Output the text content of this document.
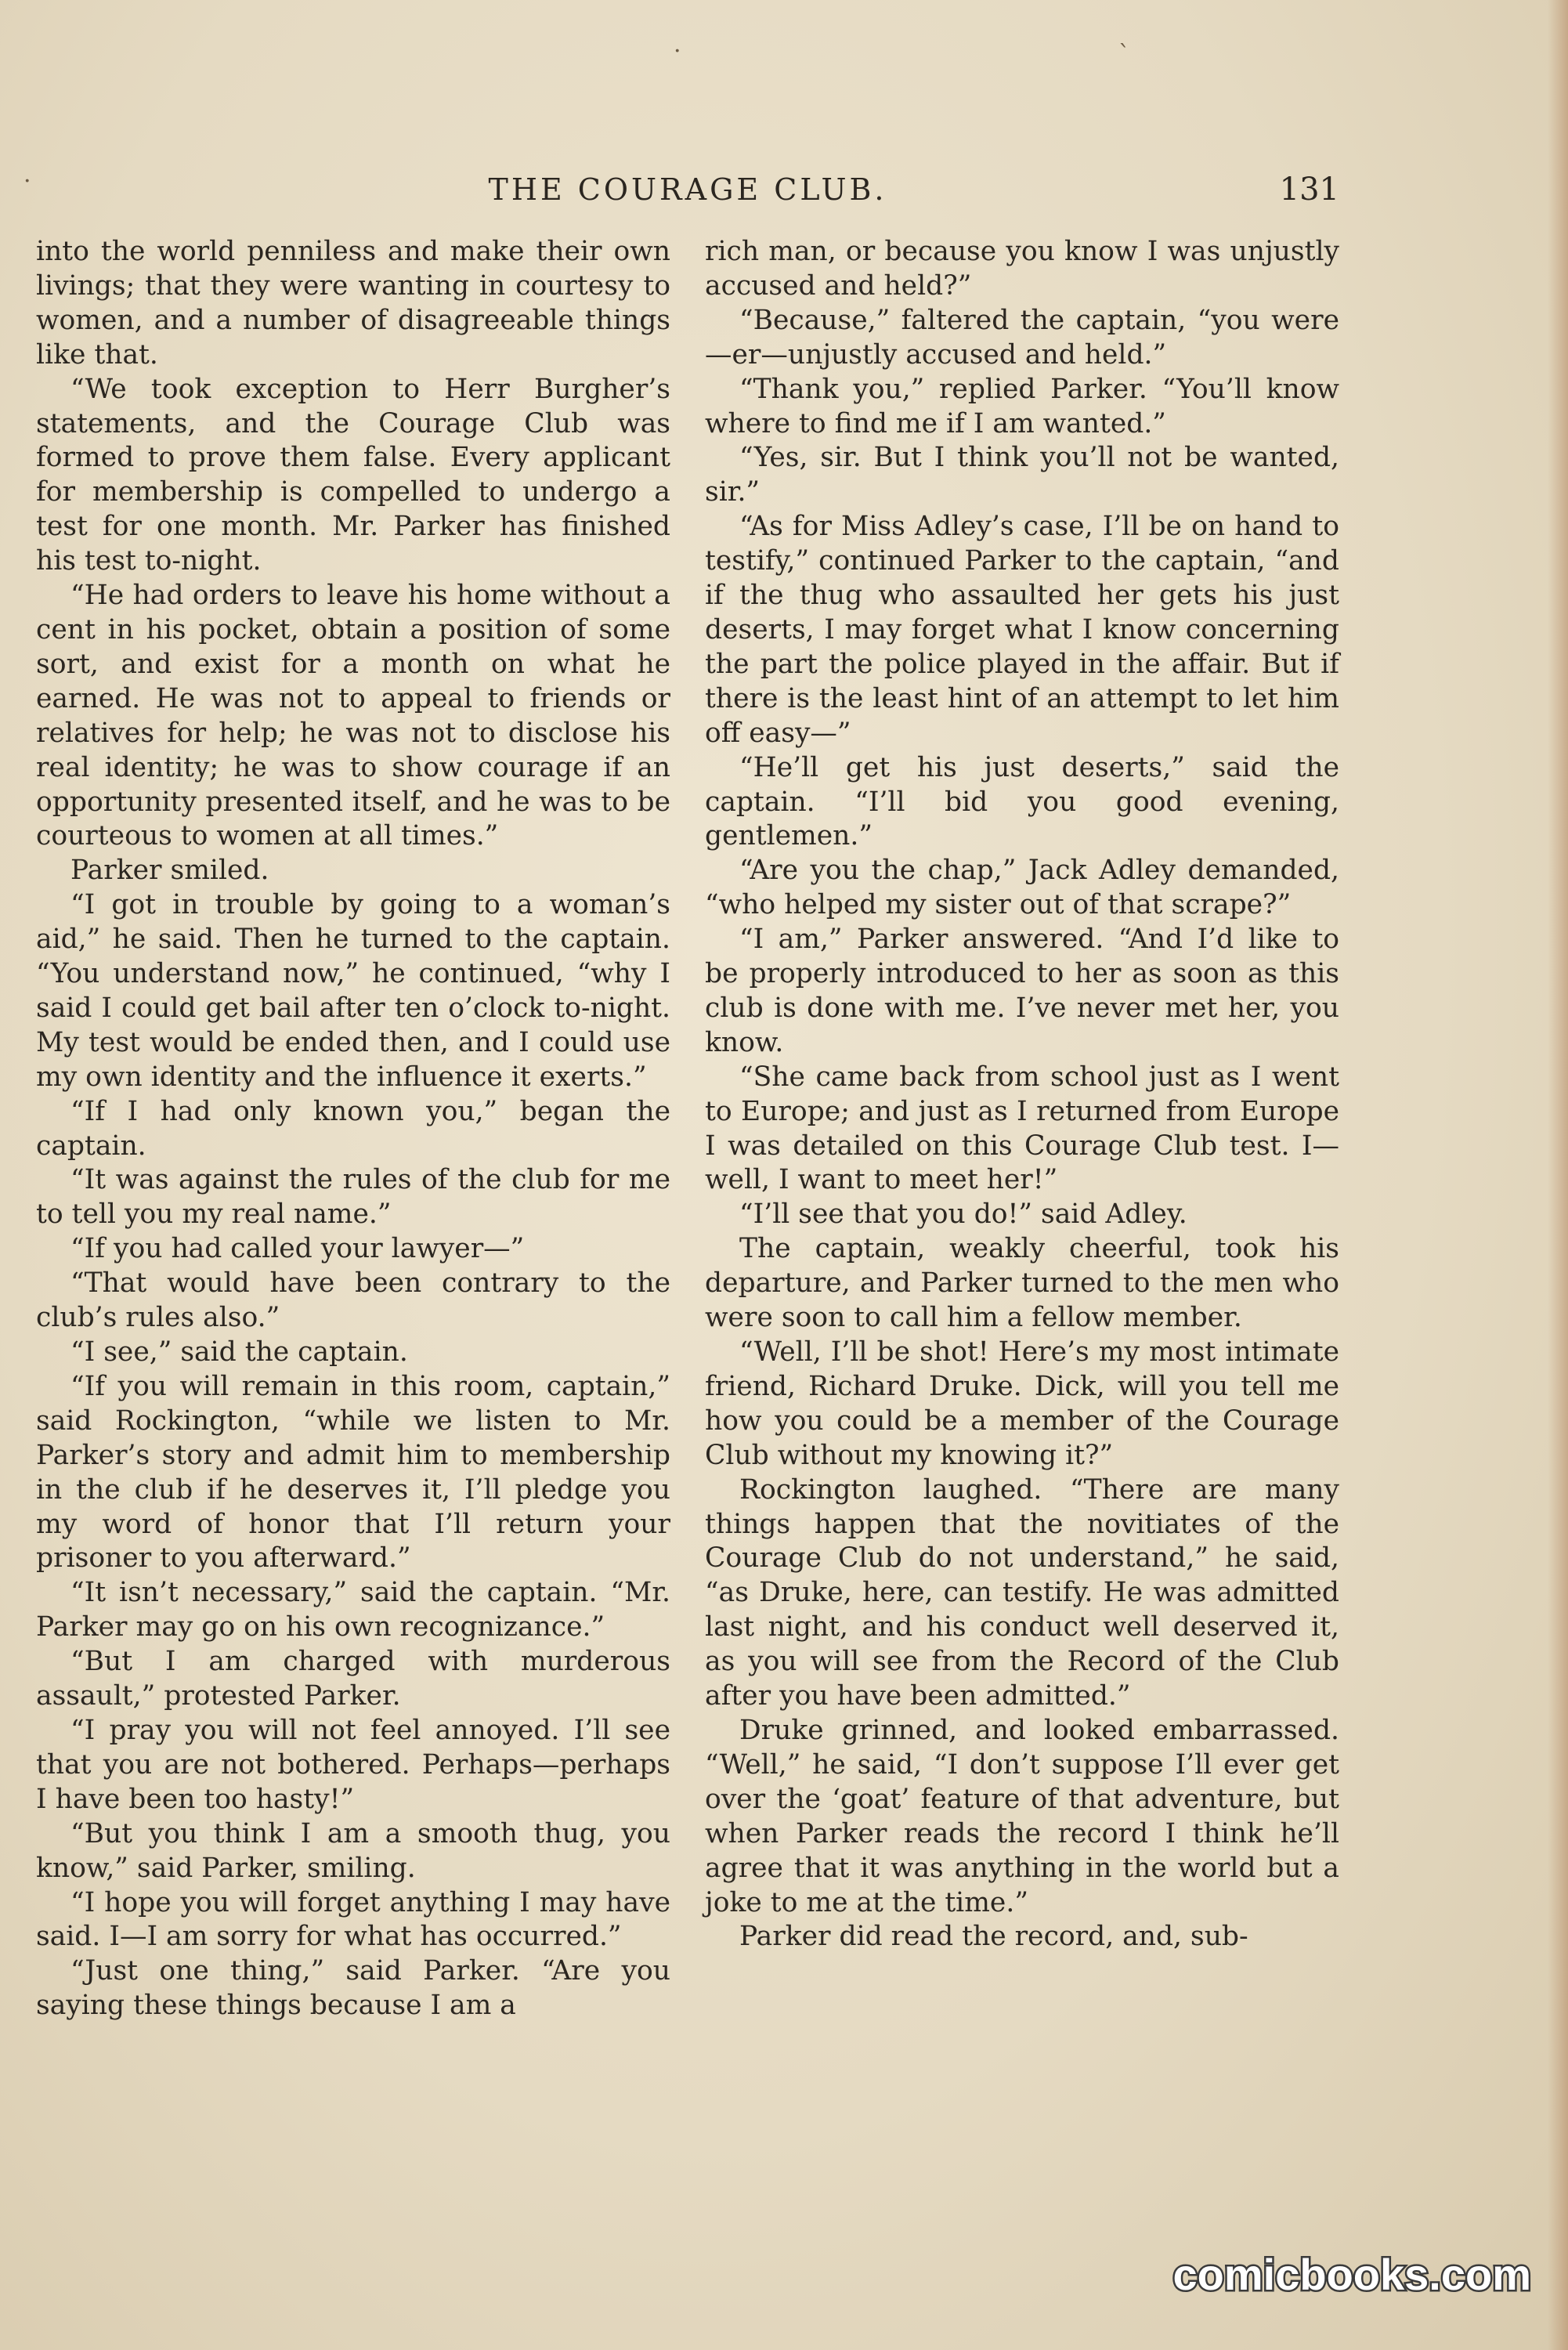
·	`
·	THE COURAGE CLUB.	131

into the world penniless and make their own livings; that they were wanting in courtesy to women, and a number of disagreeable things like that.

“We took exception to Herr Burgher’s statements, and the Courage Club was formed to prove them false. Every applicant for membership is compelled to undergo a test for one month. Mr. Parker has finished his test to-night.

“He had orders to leave his home without a cent in his pocket, obtain a position of some sort, and exist for a month on what he earned. He was not to appeal to friends or relatives for help; he was not to disclose his real identity; he was to show courage if an opportunity presented itself, and he was to be courteous to women at all times.”

Parker smiled.

“I got in trouble by going to a woman’s aid,” he said. Then he turned to the captain. “You understand now,” he continued, “why I said I could get bail after ten o’clock to-night. My test would be ended then, and I could use my own identity and the influence it exerts.”

“If I had only known you,” began the captain.

“It was against the rules of the club for me to tell you my real name.”

“If you had called your lawyer—”

“That would have been contrary to the club’s rules also.”

“I see,” said the captain.

“If you will remain in this room, captain,” said Rockington, “while we listen to Mr. Parker’s story and admit him to membership in the club if he deserves it, I’ll pledge you my word of honor that I’ll return your prisoner to you afterward.”

“It isn’t necessary,” said the captain. “Mr. Parker may go on his own recognizance.”

“But I am charged with murderous assault,” protested Parker.

“I pray you will not feel annoyed. I’ll see that you are not bothered. Perhaps—perhaps I have been too hasty!”

“But you think I am a smooth thug, you know,” said Parker, smiling.

“I hope you will forget anything I may have said. I—I am sorry for what has occurred.”

“Just one thing,” said Parker. “Are you saying these things because I am a

rich man, or because you know I was unjustly accused and held?”

“Because,” faltered the captain, “you were—er—unjustly accused and held.”

“Thank you,” replied Parker. “You’ll know where to find me if I am wanted.”

“Yes, sir. But I think you’ll not be wanted, sir.”

“As for Miss Adley’s case, I’ll be on hand to testify,” continued Parker to the captain, “and if the thug who assaulted her gets his just deserts, I may forget what I know concerning the part the police played in the affair. But if there is the least hint of an attempt to let him off easy—”

“He’ll get his just deserts,” said the captain. “I’ll bid you good evening, gentlemen.”

“Are you the chap,” Jack Adley demanded, “who helped my sister out of that scrape?”

“I am,” Parker answered. “And I’d like to be properly introduced to her as soon as this club is done with me. I’ve never met her, you know.

“She came back from school just as I went to Europe; and just as I returned from Europe I was detailed on this Courage Club test. I—well, I want to meet her!”

“I’ll see that you do!” said Adley.

The captain, weakly cheerful, took his departure, and Parker turned to the men who were soon to call him a fellow member.

“Well, I’ll be shot! Here’s my most intimate friend, Richard Druke. Dick, will you tell me how you could be a member of the Courage Club without my knowing it?”

Rockington laughed. “There are many things happen that the novitiates of the Courage Club do not understand,” he said, “as Druke, here, can testify. He was admitted last night, and his conduct well deserved it, as you will see from the Record of the Club after you have been admitted.”

Druke grinned, and looked embarrassed. “Well,” he said, “I don’t suppose I’ll ever get over the ‘goat’ feature of that adventure, but when Parker reads the record I think he’ll agree that it was anything in the world but a joke to me at the time.”

Parker did read the record, and, sub-

comicbooks.com
